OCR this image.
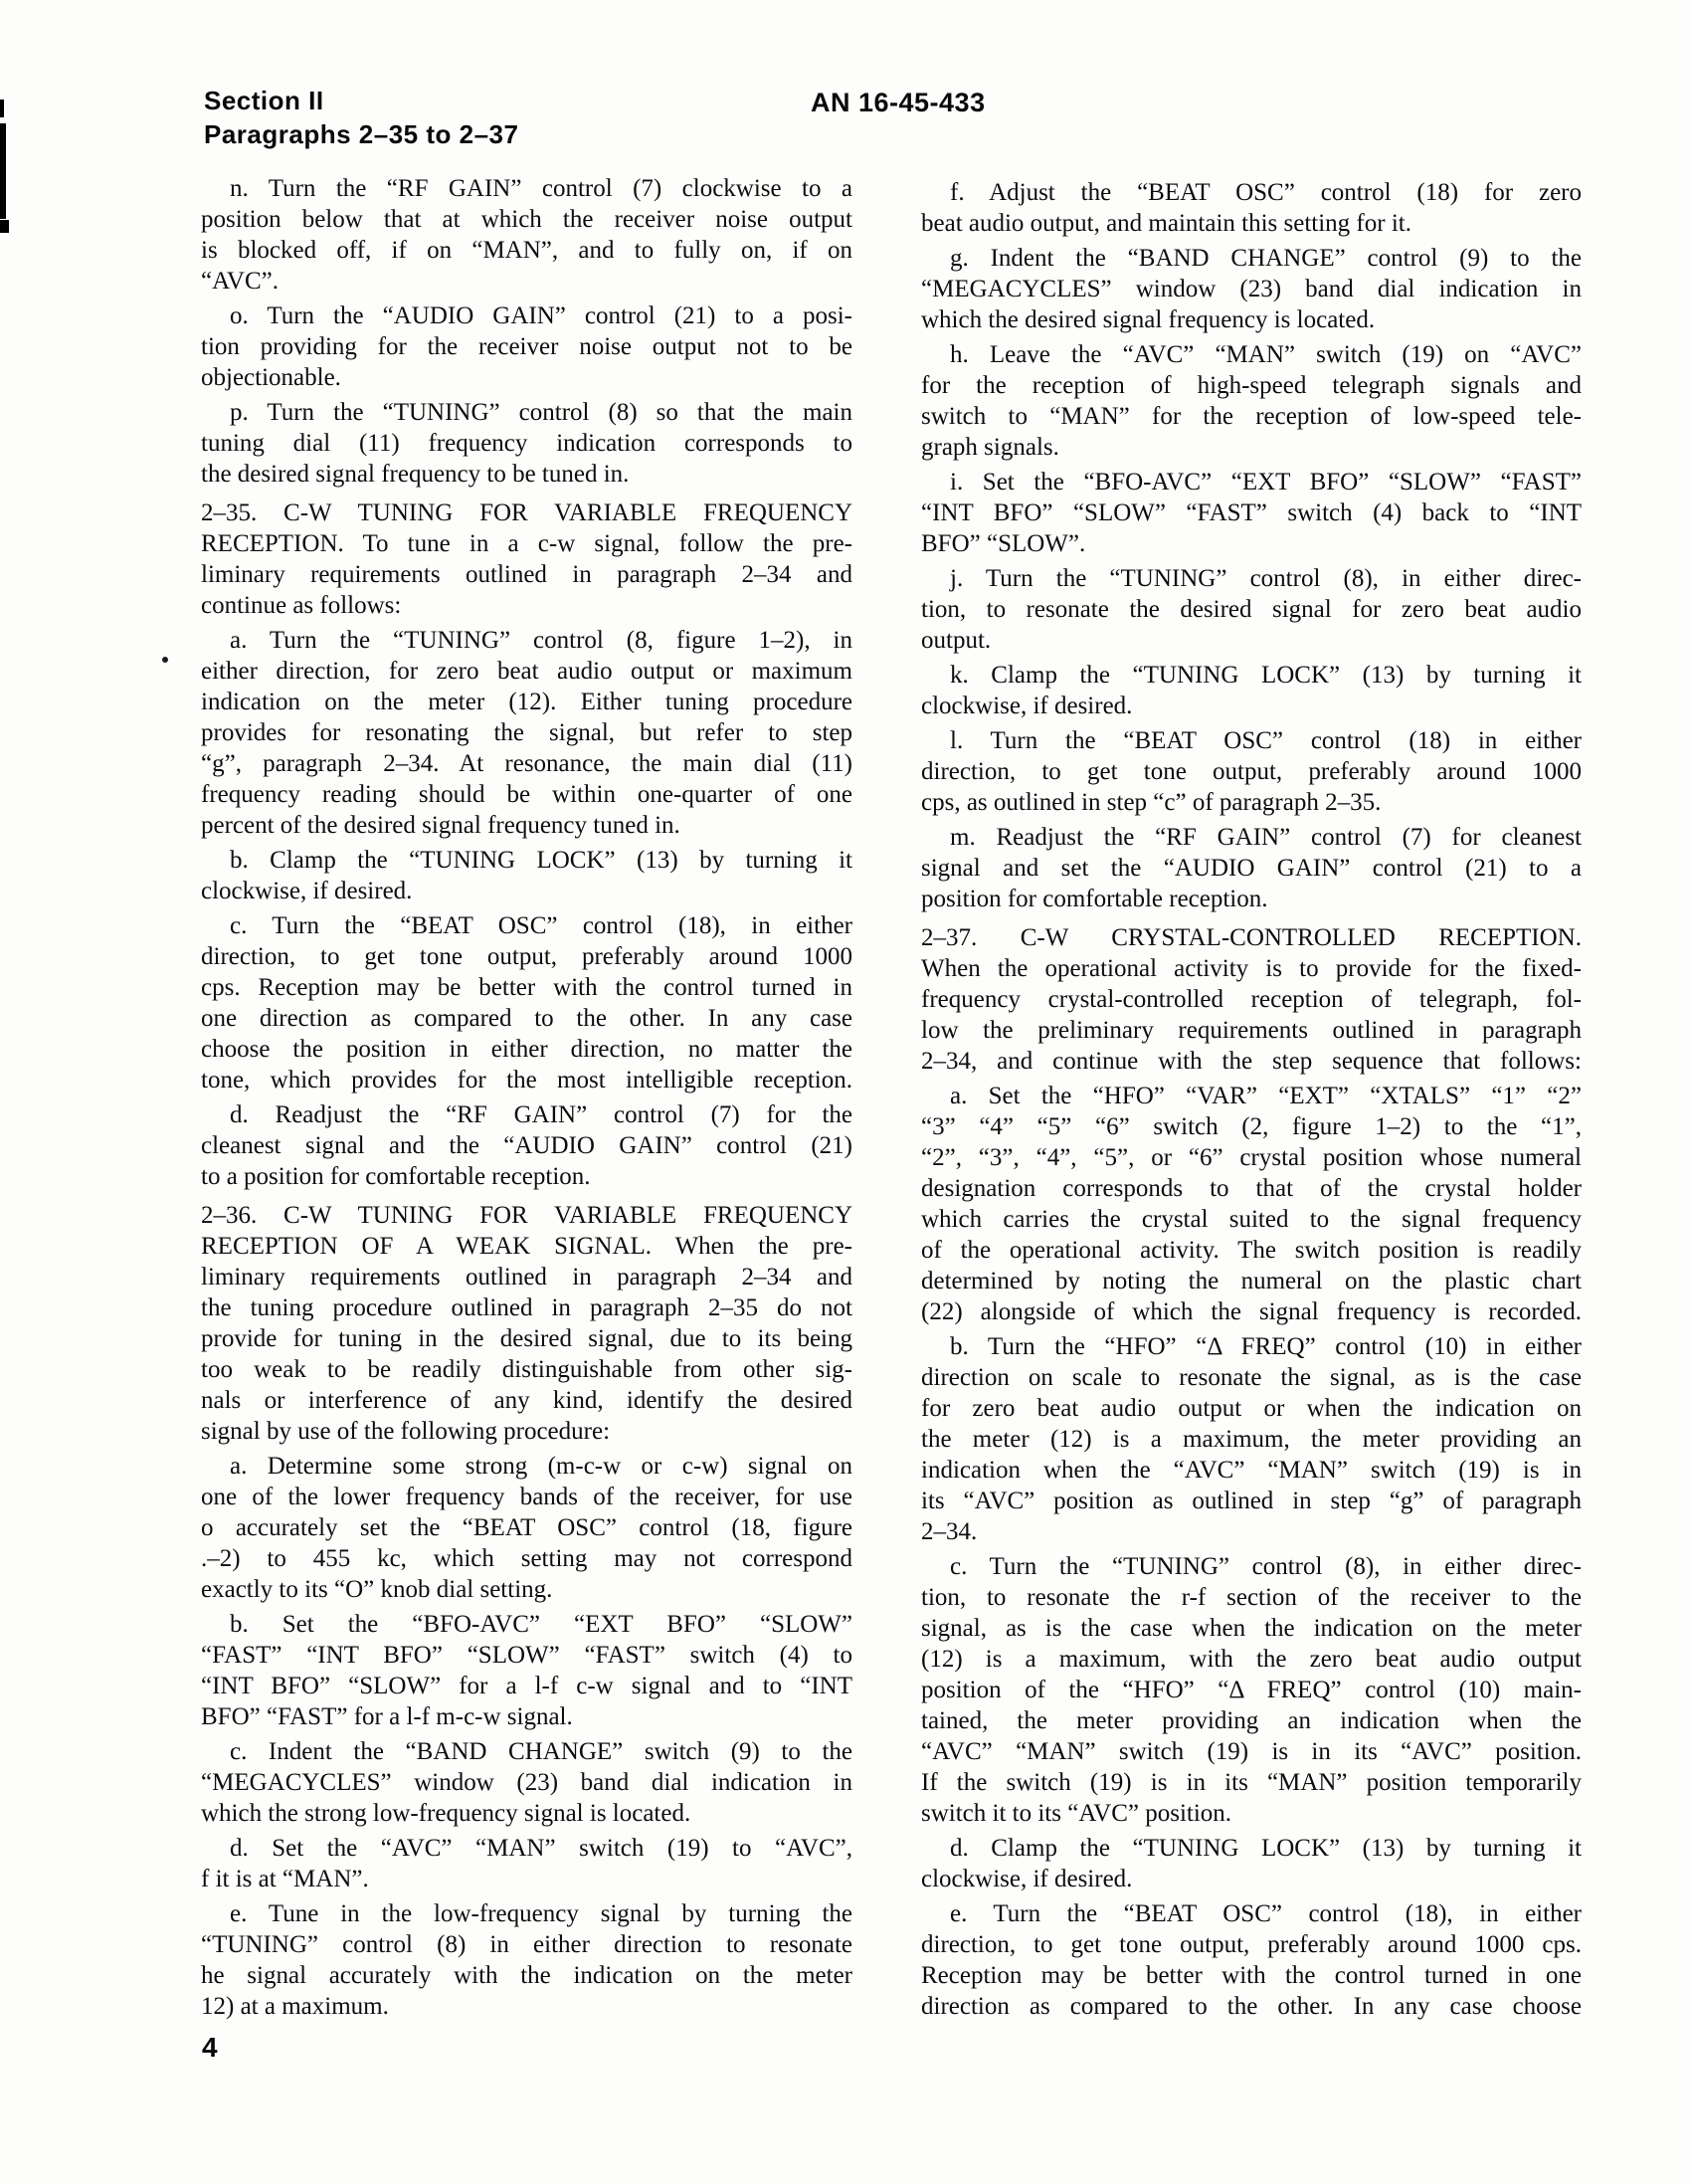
Section II
Paragraphs 2–35 to 2–37
AN 16-45-433
n. Turn the “RF GAIN” control (7) clockwise to a
position below that at which the receiver noise output
is blocked off, if on “MAN”, and to fully on, if on
“AVC”.
o. Turn the “AUDIO GAIN” control (21) to a posi-
tion providing for the receiver noise output not to be
objectionable.
p. Turn the “TUNING” control (8) so that the main
tuning dial (11) frequency indication corresponds to
the desired signal frequency to be tuned in.
2–35. C-W TUNING FOR VARIABLE FREQUENCY
RECEPTION. To tune in a c-w signal, follow the pre-
liminary requirements outlined in paragraph 2–34 and
continue as follows:
a. Turn the “TUNING” control (8, figure 1–2), in
either direction, for zero beat audio output or maximum
indication on the meter (12). Either tuning procedure
provides for resonating the signal, but refer to step
“g”, paragraph 2–34. At resonance, the main dial (11)
frequency reading should be within one-quarter of one
percent of the desired signal frequency tuned in.
b. Clamp the “TUNING LOCK” (13) by turning it
clockwise, if desired.
c. Turn the “BEAT OSC” control (18), in either
direction, to get tone output, preferably around 1000
cps. Reception may be better with the control turned in
one direction as compared to the other. In any case
choose the position in either direction, no matter the
tone, which provides for the most intelligible reception.
d. Readjust the “RF GAIN” control (7) for the
cleanest signal and the “AUDIO GAIN” control (21)
to a position for comfortable reception.
2–36. C-W TUNING FOR VARIABLE FREQUENCY
RECEPTION OF A WEAK SIGNAL. When the pre-
liminary requirements outlined in paragraph 2–34 and
the tuning procedure outlined in paragraph 2–35 do not
provide for tuning in the desired signal, due to its being
too weak to be readily distinguishable from other sig-
nals or interference of any kind, identify the desired
signal by use of the following procedure:
a. Determine some strong (m-c-w or c-w) signal on
one of the lower frequency bands of the receiver, for use
o accurately set the “BEAT OSC” control (18, figure
.–2) to 455 kc, which setting may not correspond
exactly to its “O” knob dial setting.
b. Set the “BFO-AVC” “EXT BFO” “SLOW”
“FAST” “INT BFO” “SLOW” “FAST” switch (4) to
“INT BFO” “SLOW” for a l-f c-w signal and to “INT
BFO” “FAST” for a l-f m-c-w signal.
c. Indent the “BAND CHANGE” switch (9) to the
“MEGACYCLES” window (23) band dial indication in
which the strong low-frequency signal is located.
d. Set the “AVC” “MAN” switch (19) to “AVC”,
f it is at “MAN”.
e. Tune in the low-frequency signal by turning the
“TUNING” control (8) in either direction to resonate
he signal accurately with the indication on the meter
12) at a maximum.
f. Adjust the “BEAT OSC” control (18) for zero
beat audio output, and maintain this setting for it.
g. Indent the “BAND CHANGE” control (9) to the
“MEGACYCLES” window (23) band dial indication in
which the desired signal frequency is located.
h. Leave the “AVC” “MAN” switch (19) on “AVC”
for the reception of high-speed telegraph signals and
switch to “MAN” for the reception of low-speed tele-
graph signals.
i. Set the “BFO-AVC” “EXT BFO” “SLOW” “FAST”
“INT BFO” “SLOW” “FAST” switch (4) back to “INT
BFO” “SLOW”.
j. Turn the “TUNING” control (8), in either direc-
tion, to resonate the desired signal for zero beat audio
output.
k. Clamp the “TUNING LOCK” (13) by turning it
clockwise, if desired.
l. Turn the “BEAT OSC” control (18) in either
direction, to get tone output, preferably around 1000
cps, as outlined in step “c” of paragraph 2–35.
m. Readjust the “RF GAIN” control (7) for cleanest
signal and set the “AUDIO GAIN” control (21) to a
position for comfortable reception.
2–37. C-W CRYSTAL-CONTROLLED RECEPTION.
When the operational activity is to provide for the fixed-
frequency crystal-controlled reception of telegraph, fol-
low the preliminary requirements outlined in paragraph
2–34, and continue with the step sequence that follows:
a. Set the “HFO” “VAR” “EXT” “XTALS” “1” “2”
“3” “4” “5” “6” switch (2, figure 1–2) to the “1”,
“2”, “3”, “4”, “5”, or “6” crystal position whose numeral
designation corresponds to that of the crystal holder
which carries the crystal suited to the signal frequency
of the operational activity. The switch position is readily
determined by noting the numeral on the plastic chart
(22) alongside of which the signal frequency is recorded.
b. Turn the “HFO” “Δ FREQ” control (10) in either
direction on scale to resonate the signal, as is the case
for zero beat audio output or when the indication on
the meter (12) is a maximum, the meter providing an
indication when the “AVC” “MAN” switch (19) is in
its “AVC” position as outlined in step “g” of paragraph
2–34.
c. Turn the “TUNING” control (8), in either direc-
tion, to resonate the r-f section of the receiver to the
signal, as is the case when the indication on the meter
(12) is a maximum, with the zero beat audio output
position of the “HFO” “Δ FREQ” control (10) main-
tained, the meter providing an indication when the
“AVC” “MAN” switch (19) is in its “AVC” position.
If the switch (19) is in its “MAN” position temporarily
switch it to its “AVC” position.
d. Clamp the “TUNING LOCK” (13) by turning it
clockwise, if desired.
e. Turn the “BEAT OSC” control (18), in either
direction, to get tone output, preferably around 1000 cps.
Reception may be better with the control turned in one
direction as compared to the other. In any case choose
4
